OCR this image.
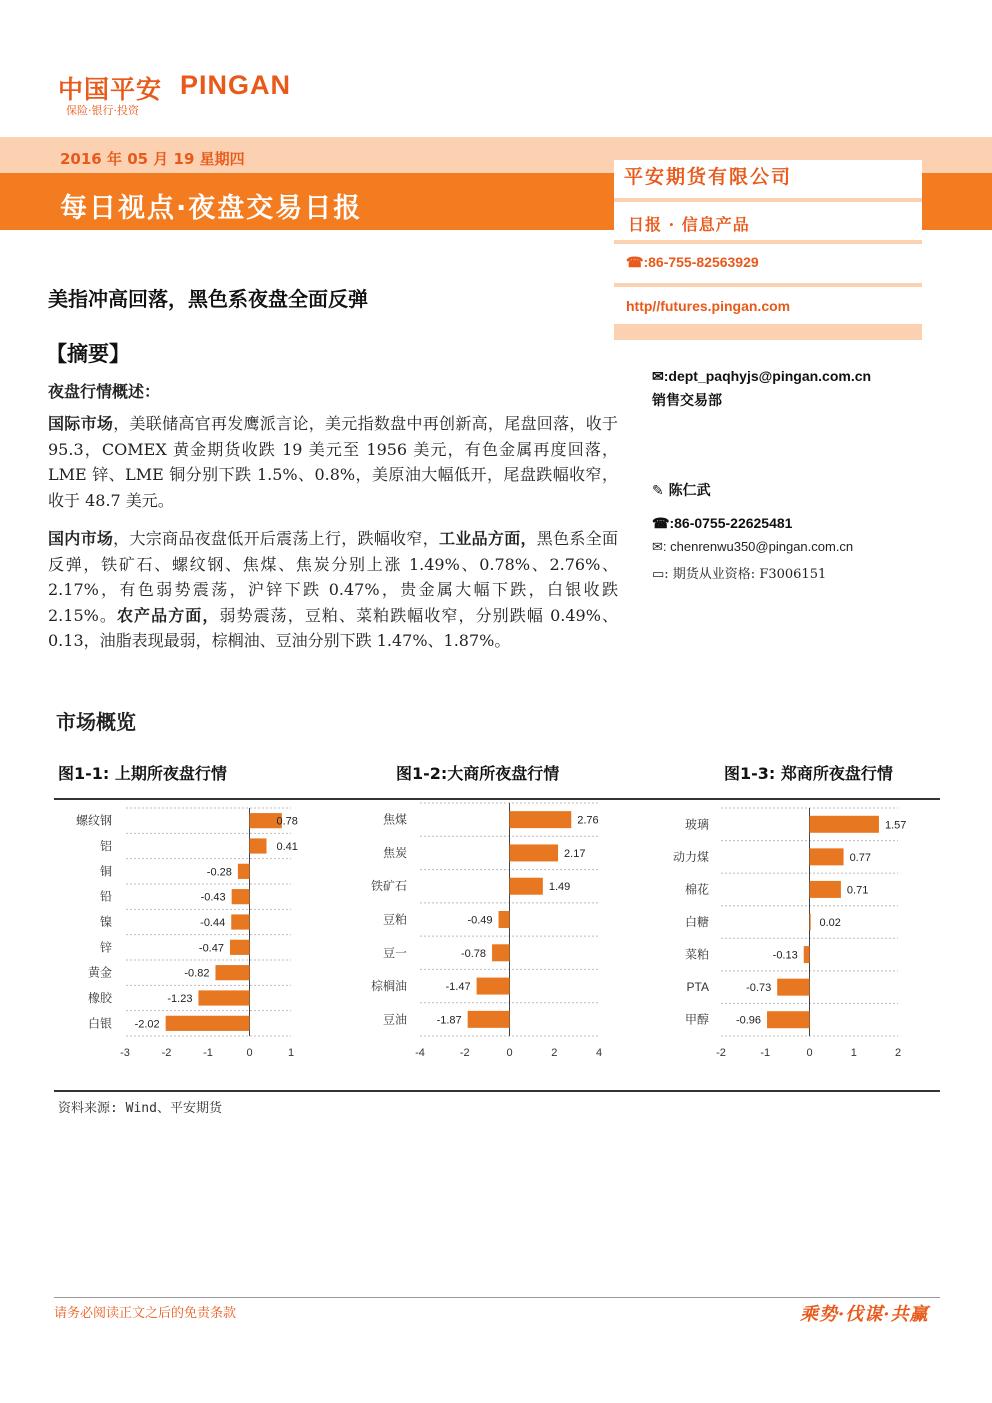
中国平安 PINGAN
保险·银行·投资
2016 年 05 月 19 星期四
每日视点·夜盘交易日报
平安期货有限公司
日报 · 信息产品
☎:86-755-82563929
http//futures.pingan.com
美指冲高回落，黑色系夜盘全面反弹
【摘要】
夜盘行情概述：
国际市场，美联储高官再发鹰派言论，美元指数盘中再创新高，尾盘回落，收于 95.3，COMEX 黄金期货收跌 19 美元至 1956 美元，有色金属再度回落，LME 锌、LME 铜分别下跌 1.5%、0.8%，美原油大幅低开，尾盘跌幅收窄，收于 48.7 美元。
国内市场，大宗商品夜盘低开后震荡上行，跌幅收窄，工业品方面，黑色系全面反弹，铁矿石、螺纹钢、焦煤、焦炭分别上涨 1.49%、0.78%、2.76%、2.17%，有色弱势震荡，沪锌下跌 0.47%，贵金属大幅下跌，白银收跌 2.15%。农产品方面，弱势震荡，豆粕、菜粕跌幅收窄，分别跌幅 0.49%、0.13，油脂表现最弱，棕榈油、豆油分别下跌 1.47%、1.87%。
✉:dept_paqhyjs@pingan.com.cn
销售交易部
✎ 陈仁武
☎:86-0755-22625481
✉: chenrenwu350@pingan.com.cn
▭: 期货从业资格: F3006151
市场概览
图1-1: 上期所夜盘行情	图1-2:大商所夜盘行情	图1-3: 郑商所夜盘行情
螺纹钢	0.78
铝	0.41
铜	-0.28
铅	-0.43
镍	-0.44
锌	-0.47
黄金	-0.82
橡胶	-1.23
白银 -2.02
-3	-2	-1	0	1
焦煤	2.76
焦炭	2.17
铁矿石	1.49
豆粕	-0.49
豆一	-0.78
棕榈油	-1.47
豆油	-1.87
-4	-2	0	2	4
玻璃	1.57
动力煤	0.77
棉花	0.71
白糖	0.02
菜粕	-0.13
PTA	-0.73
甲醇 -0.96
-2	-1	0	1	2
资料来源: Wind、平安期货
请务必阅读正文之后的免责条款	乘势·伐谋·共赢
